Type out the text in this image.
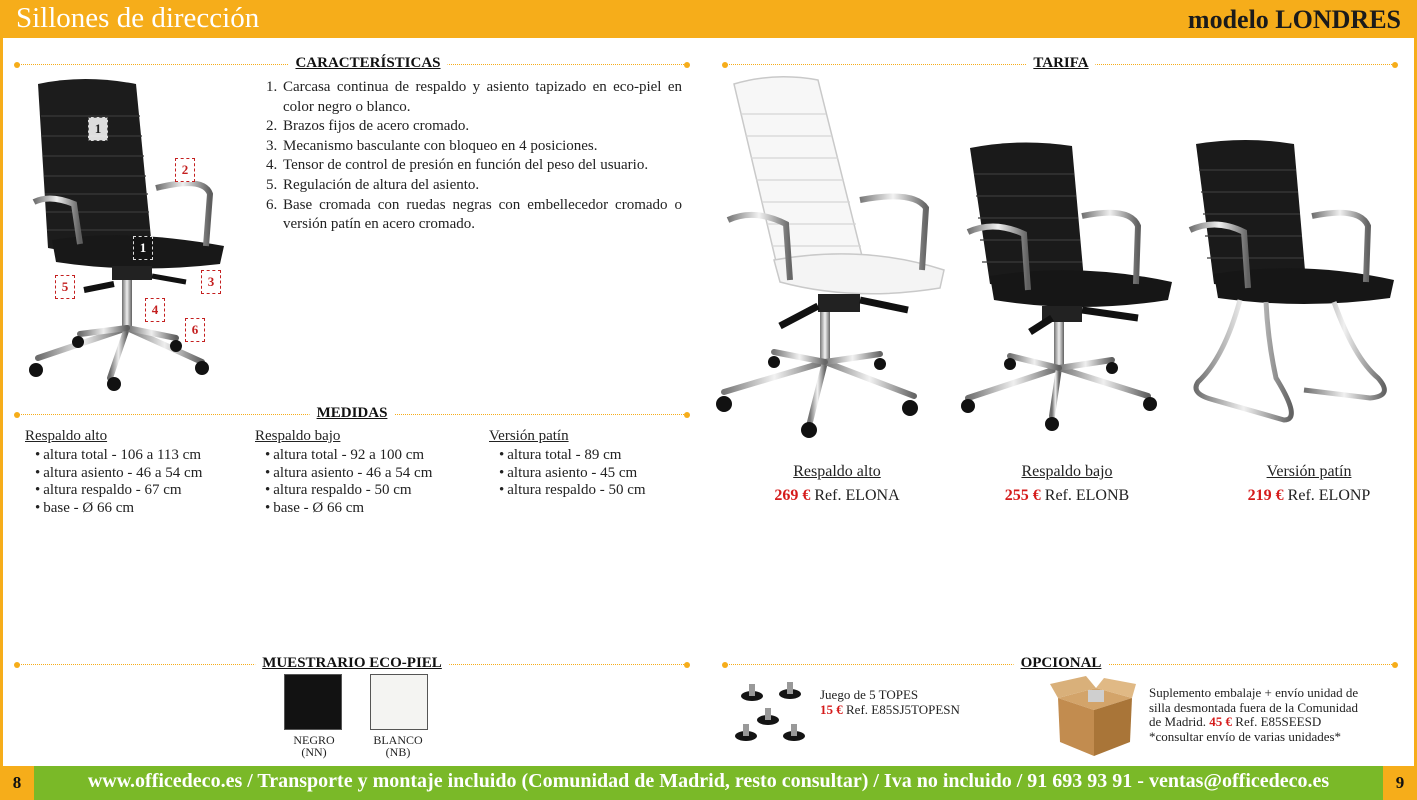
Sillones de dirección	modelo LONDRES
CARACTERÍSTICAS	TARIFA
MEDIDAS
MUESTRARIO ECO-PIEL	OPCIONAL
1
2
1
5	3
4
6
1. Carcasa continua de respaldo y asiento tapizado en eco-piel en color negro o blanco.
2. Brazos fijos de acero cromado.
3. Mecanismo basculante con bloqueo en 4 posiciones.
4. Tensor de control de presión en función del peso del usuario.
5. Regulación de altura del asiento.
6. Base cromada con ruedas negras con embellecedor cromado o versión patín en acero cromado.
Respaldo alto
269 € Ref. ELONA
Respaldo bajo
255 € Ref. ELONB
Versión patín
219 € Ref. ELONP
Respaldo alto
• altura total - 106 a 113 cm
• altura asiento - 46 a 54 cm
• altura respaldo - 67 cm
• base - Ø 66 cm
Respaldo bajo
• altura total - 92 a 100 cm
• altura asiento - 46 a 54 cm
• altura respaldo - 50 cm
• base - Ø 66 cm
Versión patín
• altura total - 89 cm
• altura asiento - 45 cm
• altura respaldo - 50 cm
NEGRO
(NN)
BLANCO
(NB)
Juego de 5 TOPES
15 € Ref. E85SJ5TOPESN
Suplemento embalaje + envío unidad de
silla desmontada fuera de la Comunidad
de Madrid. 45 € Ref. E85SEESD
*consultar envío de varias unidades*
8	www.officedeco.es / Transporte y montaje incluido (Comunidad de Madrid, resto consultar) / Iva no incluido / 91 693 93 91 - ventas@officedeco.es	9
